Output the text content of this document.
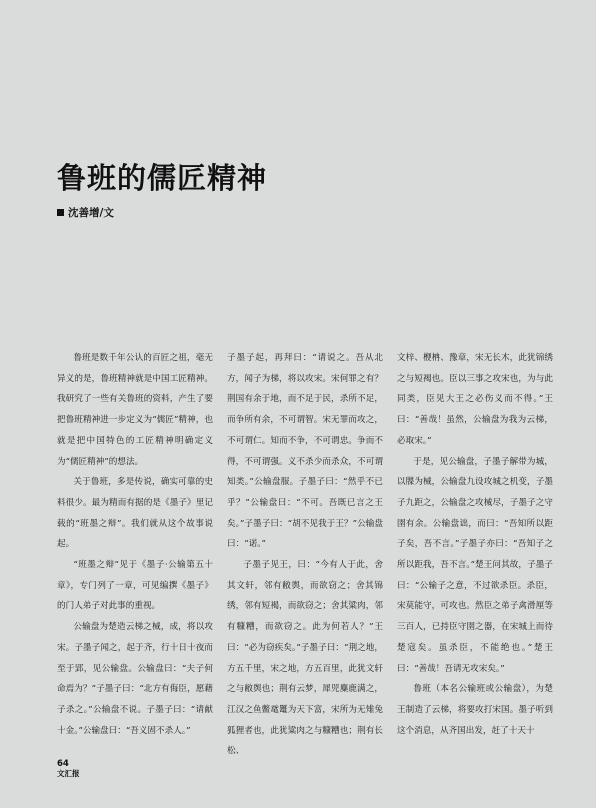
鲁班的儒匠精神
沈善增/文

鲁班是数千年公认的百匠之祖，毫无异义的是，鲁班精神就是中国工匠精神。我研究了一些有关鲁班的资料，产生了要把鲁班精神进一步定义为“儒匠”精神，也就是把中国特色的工匠精神明确定义为“儒匠精神”的想法。

关于鲁班，多是传说，确实可靠的史料很少。最为精而有据的是《墨子》里记载的“班墨之辩”。我们就从这个故事说起。

“班墨之辩”见于《墨子·公输第五十章》，专门列了一章，可见编撰《墨子》的门人弟子对此事的重视。

公输盘为楚造云梯之械，成，将以攻宋。子墨子闻之，起于齐，行十日十夜而至于郢，见公输盘。公输盘曰：“夫子何命焉为？”子墨子曰：“北方有侮臣，愿藉子杀之。”公输盘不说。子墨子曰：“请献十金。”公输盘曰：“吾义固不杀人。”

子墨子起，再拜曰：“请说之。吾从北方，闻子为梯，将以攻宋。宋何罪之有？荆国有余于地，而不足于民，杀所不足，而争所有余，不可谓智。宋无罪而攻之，不可谓仁。知而不争，不可谓忠。争而不得，不可谓强。义不杀少而杀众，不可谓知类。”公输盘服。子墨子曰：“然乎不已乎？”公输盘曰：“不可。吾既已言之王矣。”子墨子曰：“胡不见我于王？”公输盘曰：“诺。”

子墨子见王，曰：“今有人于此，舍其文轩，邻有敝舆，而欲窃之；舍其锦绣，邻有短褐，而欲窃之；舍其粱肉，邻有糠糟，而欲窃之。此为何若人？”王曰：“必为窃疾矣。”子墨子曰：“荆之地，方五千里，宋之地，方五百里，此犹文轩之与敝舆也；荆有云梦，犀兕麋鹿满之，江汉之鱼鳖鼋鼍为天下富，宋所为无雉兔狐狸者也，此犹粱肉之与糠糟也；荆有长松、

文梓、楩柟、豫章，宋无长木，此犹锦绣之与短褐也。臣以三事之攻宋也，为与此同类，臣见大王之必伤义而不得。”王曰：“善哉！虽然，公输盘为我为云梯，必取宋。”

于是，见公输盘，子墨子解带为城，以牒为械，公输盘九设攻城之机变，子墨子九距之，公输盘之攻械尽，子墨子之守圉有余。公输盘诎，而曰：“吾知所以距子矣，吾不言。”子墨子亦曰：“吾知子之所以距我，吾不言。”楚王问其故，子墨子曰：“公输子之意，不过欲杀臣。杀臣，宋莫能守，可攻也。然臣之弟子禽滑厘等三百人，已持臣守圉之器，在宋城上而待楚寇矣。虽杀臣，不能绝也。”楚王曰：“善哉！吾请无攻宋矣。”

鲁班（本名公输班或公输盘），为楚王制造了云梯，将要攻打宋国。墨子听到这个消息，从齐国出发，赶了十天十

64
文汇报
